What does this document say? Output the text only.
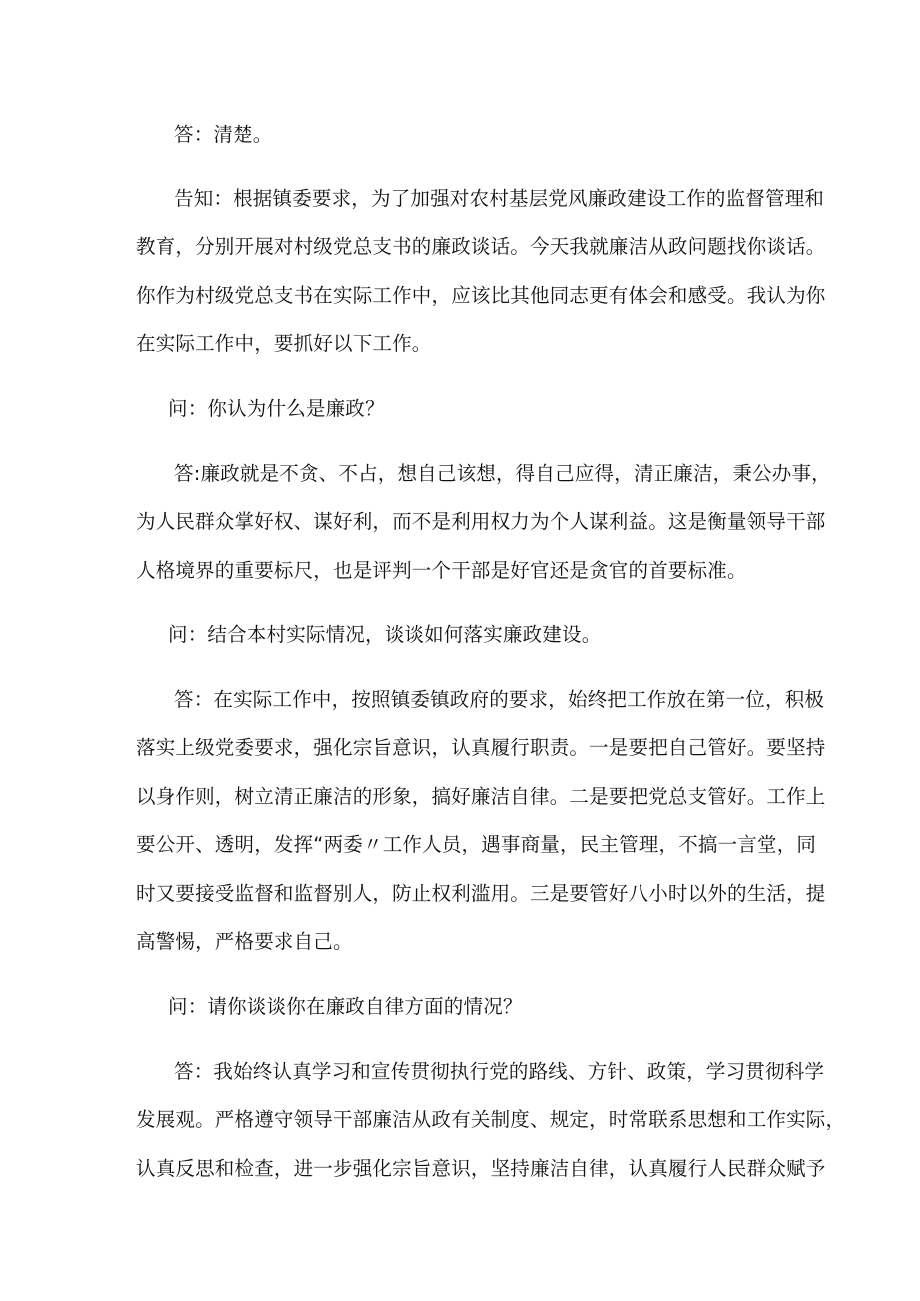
答：清楚。

告知：根据镇委要求，为了加强对农村基层党风廉政建设工作的监督管理和

教育，分别开展对村级党总支书的廉政谈话。今天我就廉洁从政问题找你谈话。

你作为村级党总支书在实际工作中，应该比其他同志更有体会和感受。我认为你

在实际工作中，要抓好以下工作。

问：你认为什么是廉政？

答:廉政就是不贪、不占，想自己该想，得自己应得，清正廉洁，秉公办事，

为人民群众掌好权、谋好利，而不是利用权力为个人谋利益。这是衡量领导干部

人格境界的重要标尺，也是评判一个干部是好官还是贪官的首要标准。

问：结合本村实际情况，谈谈如何落实廉政建设。

答：在实际工作中，按照镇委镇政府的要求，始终把工作放在第一位，积极

落实上级党委要求，强化宗旨意识，认真履行职责。一是要把自己管好。要坚持

以身作则，树立清正廉洁的形象，搞好廉洁自律。二是要把党总支管好。工作上

要公开、透明，发挥“两委〃工作人员，遇事商量，民主管理，不搞一言堂，同

时又要接受监督和监督别人，防止权利滥用。三是要管好八小时以外的生活，提

高警惕，严格要求自己。

问：请你谈谈你在廉政自律方面的情况？

答：我始终认真学习和宣传贯彻执行党的路线、方针、政策，学习贯彻科学

发展观。严格遵守领导干部廉洁从政有关制度、规定，时常联系思想和工作实际，

认真反思和检查，进一步强化宗旨意识，坚持廉洁自律，认真履行人民群众赋予
